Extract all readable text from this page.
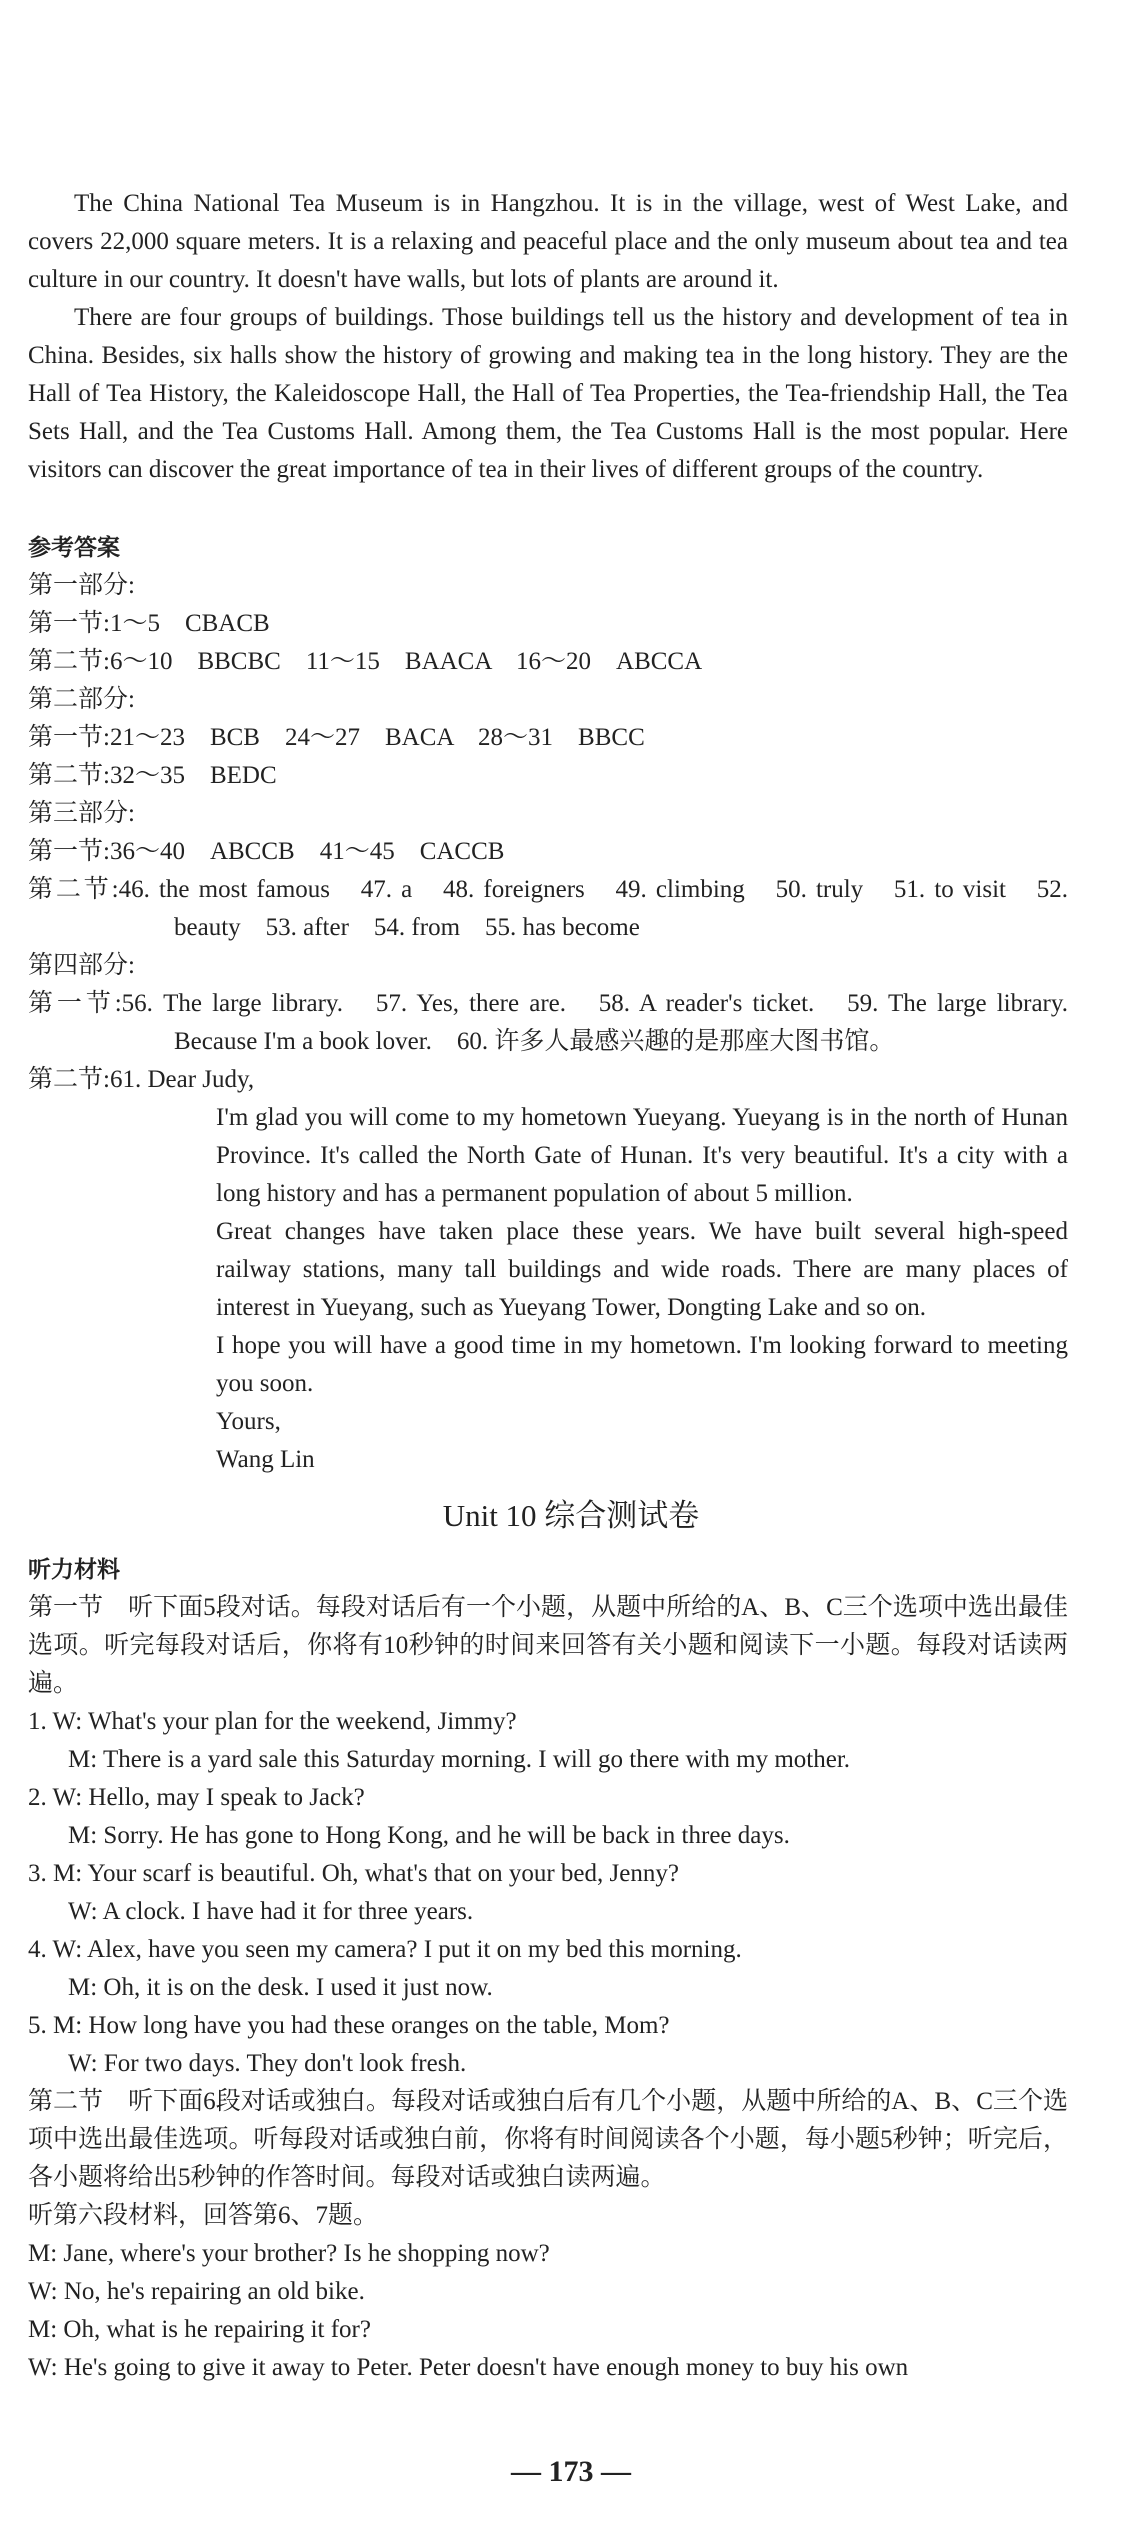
The China National Tea Museum is in Hangzhou. It is in the village, west of West Lake, and covers 22,000 square meters. It is a relaxing and peaceful place and the only museum about tea and tea culture in our country. It doesn't have walls, but lots of plants are around it.

There are four groups of buildings. Those buildings tell us the history and development of tea in China. Besides, six halls show the history of growing and making tea in the long history. They are the Hall of Tea History, the Kaleidoscope Hall, the Hall of Tea Properties, the Tea-friendship Hall, the Tea Sets Hall, and the Tea Customs Hall. Among them, the Tea Customs Hall is the most popular. Here visitors can discover the great importance of tea in their lives of different groups of the country.

参考答案

第一部分:

第一节:1～5　CBACB

第二节:6～10　BBCBC　11～15　BAACA　16～20　ABCCA

第二部分:

第一节:21～23　BCB　24～27　BACA　28～31　BBCC

第二节:32～35　BEDC

第三部分:

第一节:36～40　ABCCB　41～45　CACCB

第二节:46. the most famous　47. a　48. foreigners　49. climbing　50. truly　51. to visit　52. beauty　53. after　54. from　55. has become

第四部分:

第一节:56. The large library.　57. Yes, there are.　58. A reader's ticket.　59. The large library. Because I'm a book lover.　60. 许多人最感兴趣的是那座大图书馆。

第二节:61. Dear Judy,

I'm glad you will come to my hometown Yueyang. Yueyang is in the north of Hunan Province. It's called the North Gate of Hunan. It's very beautiful. It's a city with a long history and has a permanent population of about 5 million.

Great changes have taken place these years. We have built several high-speed railway stations, many tall buildings and wide roads. There are many places of interest in Yueyang, such as Yueyang Tower, Dongting Lake and so on.

I hope you will have a good time in my hometown. I'm looking forward to meeting you soon.

Yours,

Wang Lin

Unit 10 综合测试卷

听力材料

第一节　听下面5段对话。每段对话后有一个小题，从题中所给的A、B、C三个选项中选出最佳选项。听完每段对话后，你将有10秒钟的时间来回答有关小题和阅读下一小题。每段对话读两遍。

1. W: What's your plan for the weekend, Jimmy?

M: There is a yard sale this Saturday morning. I will go there with my mother.

2. W: Hello, may I speak to Jack?

M: Sorry. He has gone to Hong Kong, and he will be back in three days.

3. M: Your scarf is beautiful. Oh, what's that on your bed, Jenny?

W: A clock. I have had it for three years.

4. W: Alex, have you seen my camera? I put it on my bed this morning.

M: Oh, it is on the desk. I used it just now.

5. M: How long have you had these oranges on the table, Mom?

W: For two days. They don't look fresh.

第二节　听下面6段对话或独白。每段对话或独白后有几个小题，从题中所给的A、B、C三个选项中选出最佳选项。听每段对话或独白前，你将有时间阅读各个小题，每小题5秒钟；听完后，各小题将给出5秒钟的作答时间。每段对话或独白读两遍。

听第六段材料，回答第6、7题。

M: Jane, where's your brother? Is he shopping now?

W: No, he's repairing an old bike.

M: Oh, what is he repairing it for?

W: He's going to give it away to Peter. Peter doesn't have enough money to buy his own

— 173 —
